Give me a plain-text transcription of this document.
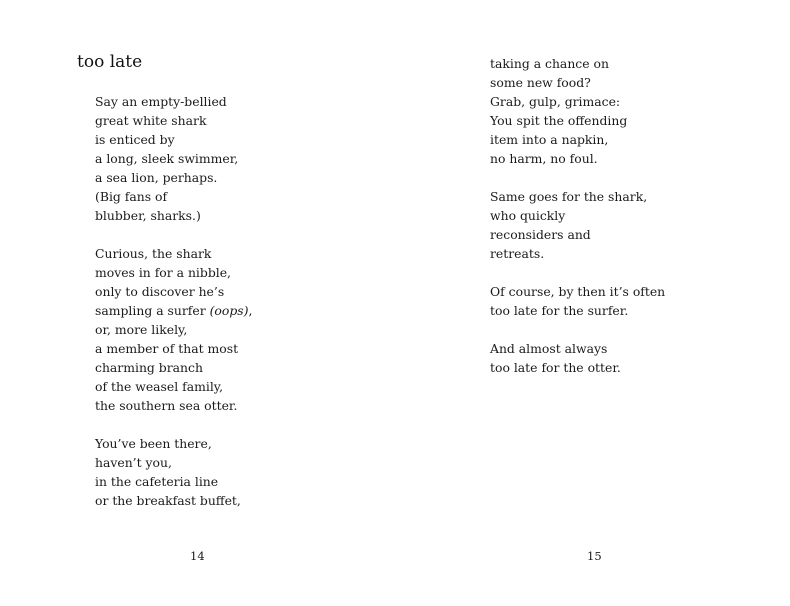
too late
Say an empty-bellied
great white shark
is enticed by
a long, sleek swimmer,
a sea lion, perhaps.
(Big fans of
blubber, sharks.)
Curious, the shark
moves in for a nibble,
only to discover he’s
sampling a surfer (oops),
or, more likely,
a member of that most
charming branch
of the weasel family,
the southern sea otter.
You’ve been there,
haven’t you,
in the cafeteria line
or the breakfast buffet,
14
taking a chance on
some new food?
Grab, gulp, grimace:
You spit the offending
item into a napkin,
no harm, no foul.
Same goes for the shark,
who quickly
reconsiders and
retreats.
Of course, by then it’s often
too late for the surfer.
And almost always
too late for the otter.
15
